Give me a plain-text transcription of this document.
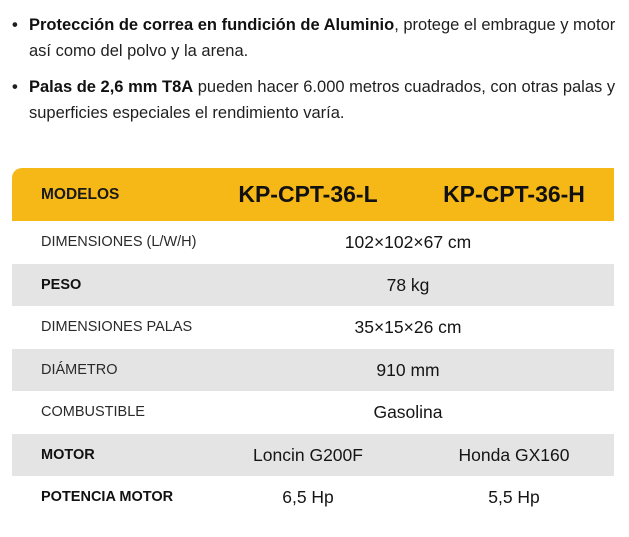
• Protección de correa en fundición de Aluminio, protege el embrague y motor así como del polvo y la arena.
• Palas de 2,6 mm T8A pueden hacer 6.000 metros cuadrados, con otras palas y superficies especiales el rendimiento varía.
MODELOS	KP-CPT-36-L	KP-CPT-36-H
DIMENSIONES (L/W/H)	102×102×67 cm
PESO	78 kg
DIMENSIONES PALAS	35×15×26 cm
DIÁMETRO	910 mm
COMBUSTIBLE	Gasolina
MOTOR	Loncin G200F	Honda GX160
POTENCIA MOTOR	6,5 Hp	5,5 Hp
